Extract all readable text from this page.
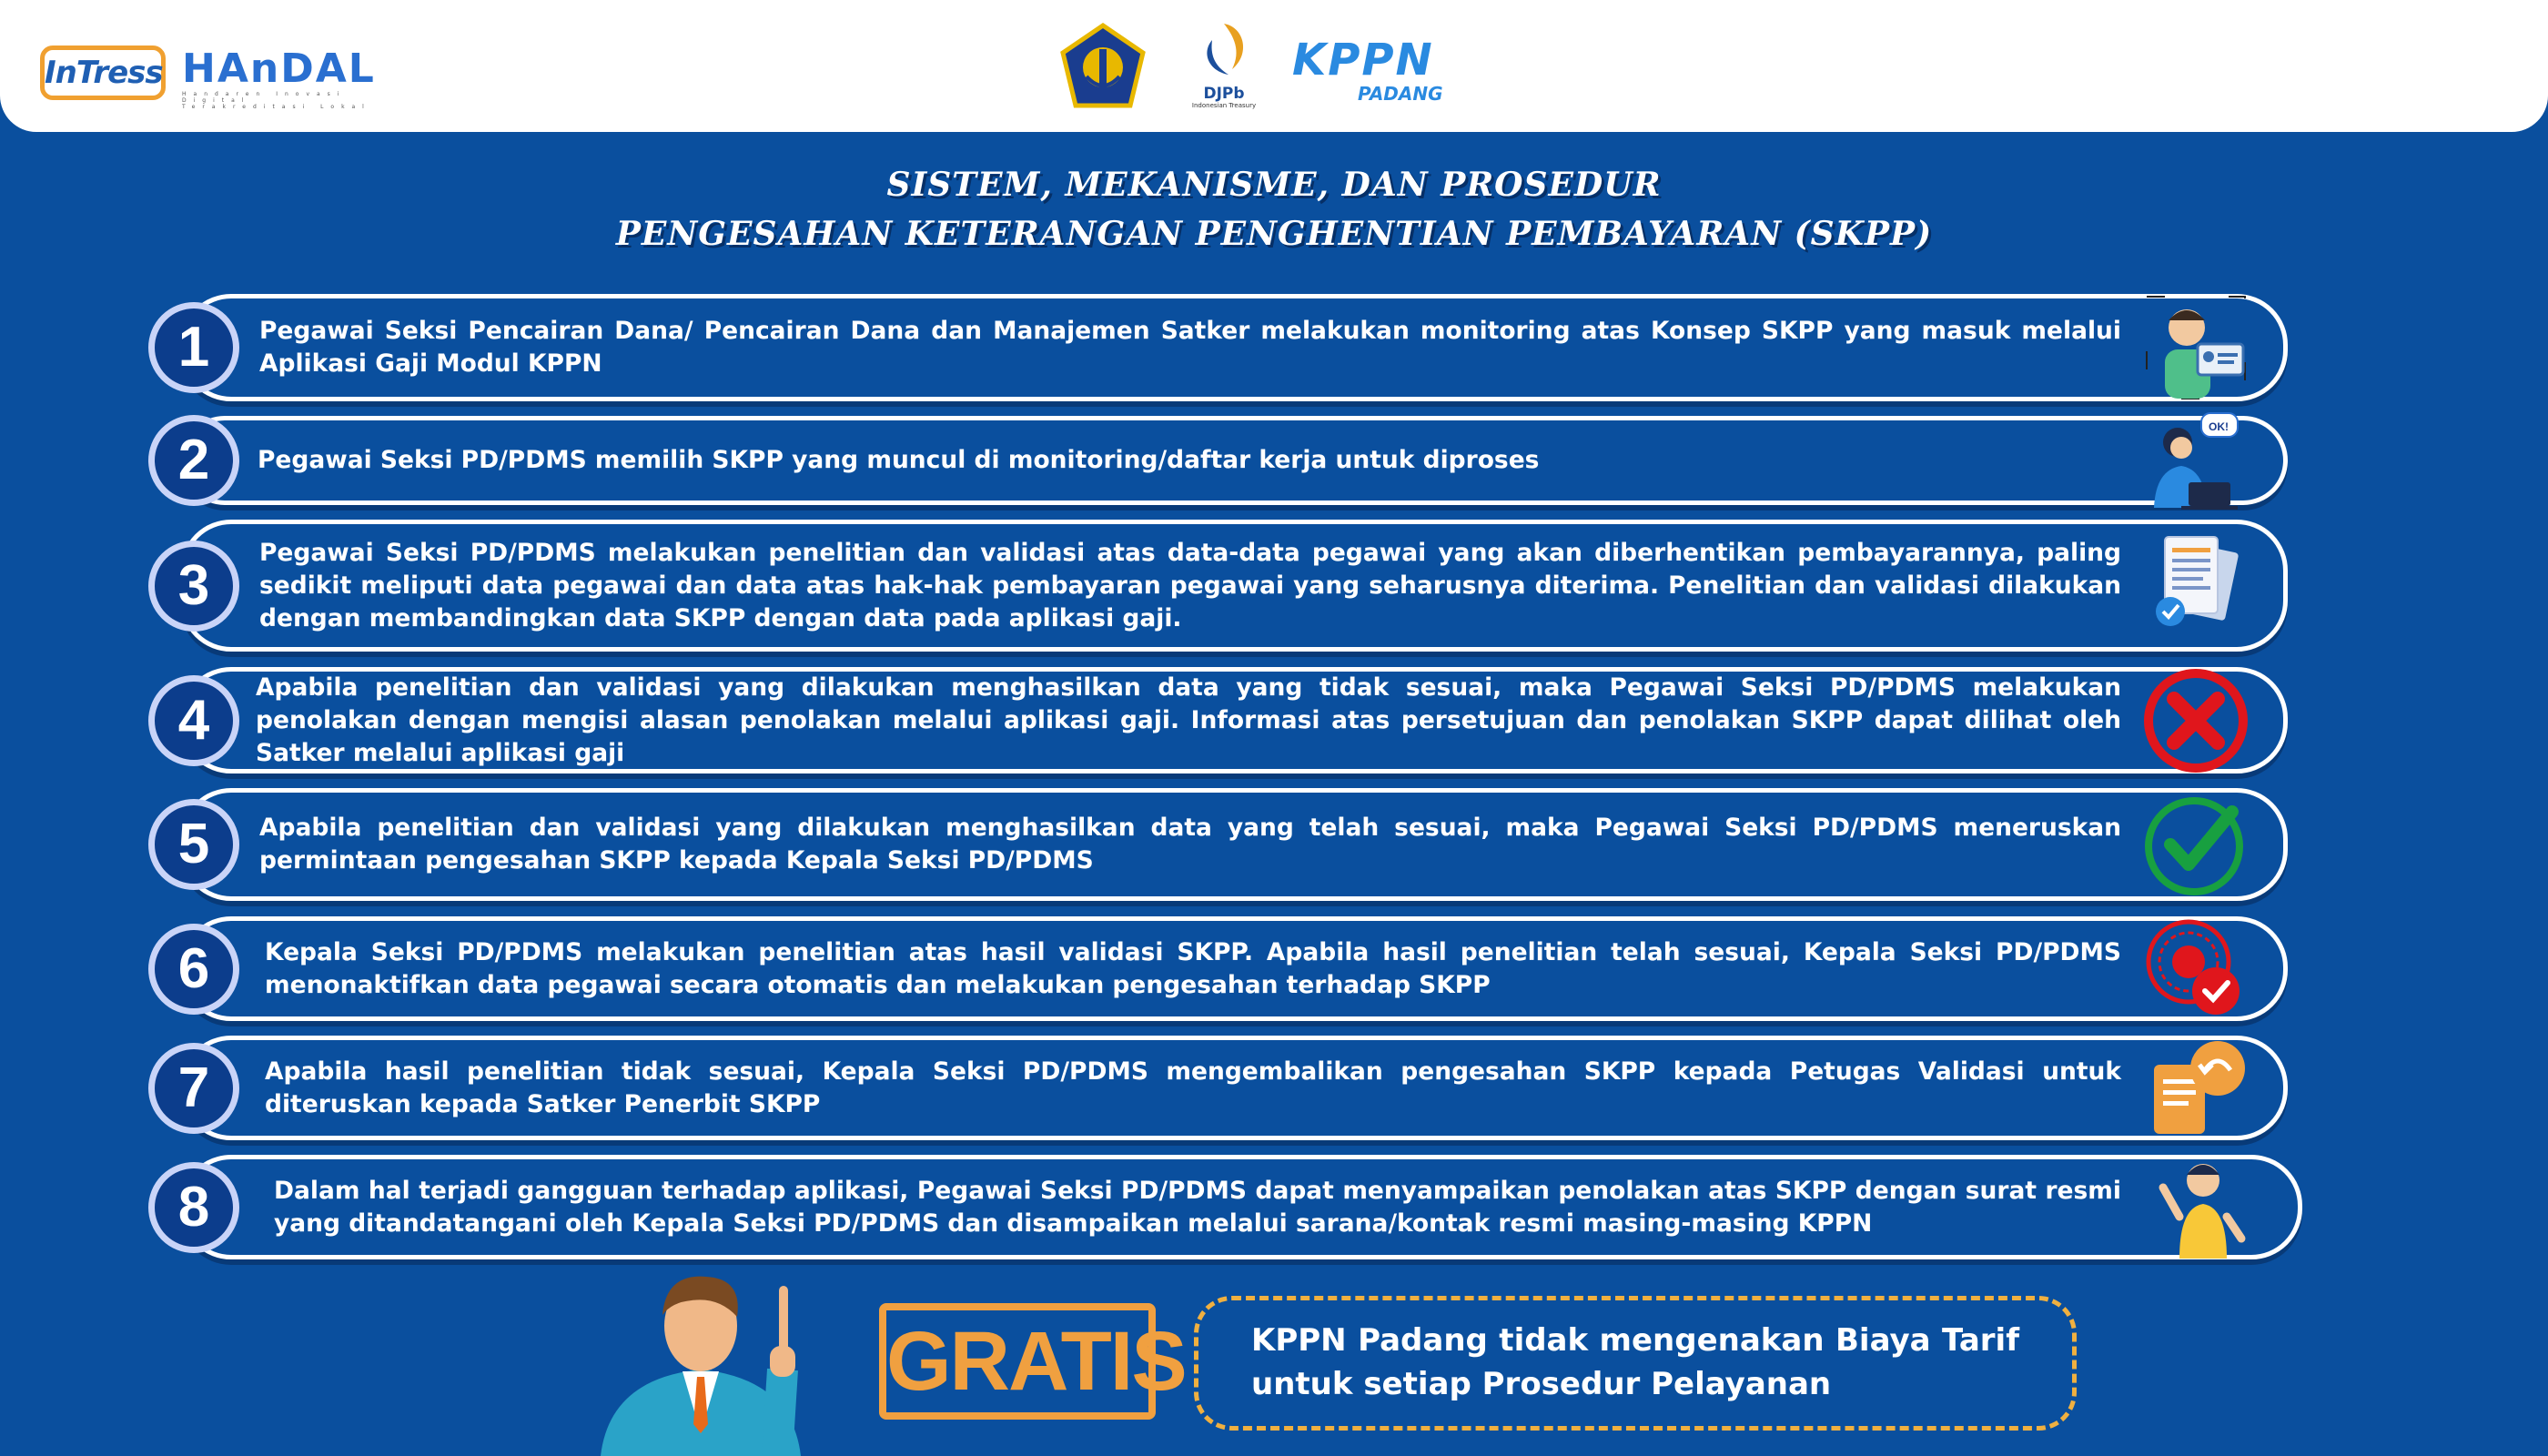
InTress HAnDAL
Handaren Inovasi Digital Terakreditasi Lokal
DJPb
Indonesian Treasury
KPPN
PADANG
SISTEM, MEKANISME, DAN PROSEDUR
PENGESAHAN KETERANGAN PENGHENTIAN PEMBAYARAN (SKPP)
1	Pegawai Seksi Pencairan Dana/ Pencairan Dana dan Manajemen Satker melakukan monitoring atas Konsep SKPP yang masuk melalui Aplikasi Gaji Modul KPPN

2	Pegawai Seksi PD/PDMS memilih SKPP yang muncul di monitoring/daftar kerja untuk diproses

OK!
3

Pegawai Seksi PD/PDMS melakukan penelitian dan validasi atas data-data pegawai yang akan diberhentikan pembayarannya, paling sedikit meliputi data pegawai dan data atas hak-hak pembayaran pegawai yang seharusnya diterima. Penelitian dan validasi dilakukan dengan membandingkan data SKPP dengan data pada aplikasi gaji.

4

Apabila penelitian dan validasi yang dilakukan menghasilkan data yang tidak sesuai, maka Pegawai Seksi PD/PDMS melakukan penolakan dengan mengisi alasan penolakan melalui aplikasi gaji. Informasi atas persetujuan dan penolakan SKPP dapat dilihat oleh Satker melalui aplikasi gaji

5	Apabila penelitian dan validasi yang dilakukan menghasilkan data yang telah sesuai, maka Pegawai Seksi PD/PDMS meneruskan permintaan pengesahan SKPP kepada Kepala Seksi PD/PDMS

6	Kepala Seksi PD/PDMS melakukan penelitian atas hasil validasi SKPP. Apabila hasil penelitian telah sesuai, Kepala Seksi PD/PDMS menonaktifkan data pegawai secara otomatis dan melakukan pengesahan terhadap SKPP

7	Apabila hasil penelitian tidak sesuai, Kepala Seksi PD/PDMS mengembalikan pengesahan SKPP kepada Petugas Validasi untuk diteruskan kepada Satker Penerbit SKPP

8	Dalam hal terjadi gangguan terhadap aplikasi, Pegawai Seksi PD/PDMS dapat menyampaikan penolakan atas SKPP dengan surat resmi yang ditandatangani oleh Kepala Seksi PD/PDMS dan disampaikan melalui sarana/kontak resmi masing-masing KPPN

GRATIS KPPN Padang tidak mengenakan Biaya Tarif untuk setiap Prosedur Pelayanan
